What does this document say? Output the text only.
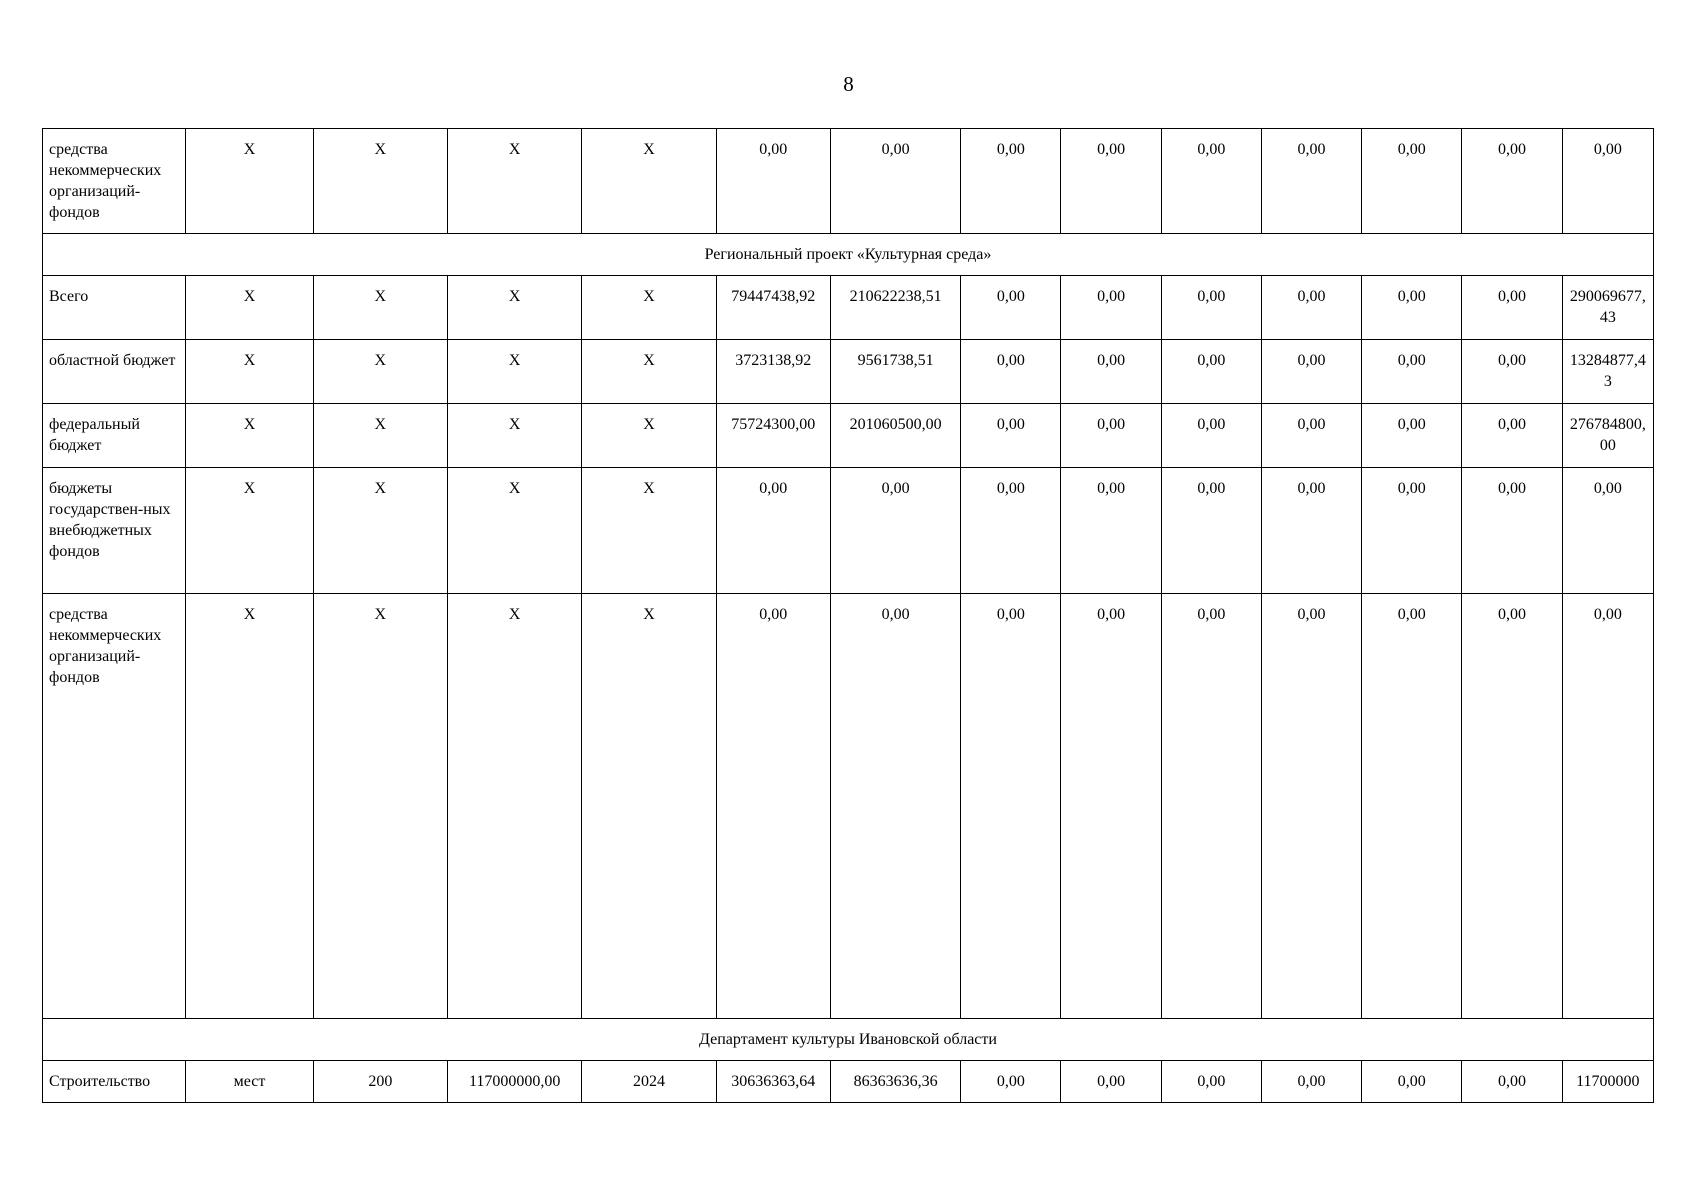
8
средства некоммерческих организаций-фондов	Х	Х	Х	Х	0,00	0,00	0,00	0,00	0,00	0,00	0,00	0,00	0,00
Региональный проект «Культурная среда»													
Всего	Х	Х	Х	Х	79447438,92	210622238,51	0,00	0,00	0,00	0,00	0,00	0,00	290069677,43
областной бюджет	Х	Х	Х	Х	3723138,92	9561738,51	0,00	0,00	0,00	0,00	0,00	0,00	13284877,43
федеральный бюджет	Х	Х	Х	Х	75724300,00	201060500,00	0,00	0,00	0,00	0,00	0,00	0,00	276784800,00
бюджеты государствен-ных внебюджетных фондов	Х	Х	Х	Х	0,00	0,00	0,00	0,00	0,00	0,00	0,00	0,00	0,00
средства некоммерческих организаций-фондов	Х	Х	Х	Х	0,00	0,00	0,00	0,00	0,00	0,00	0,00	0,00	0,00
Департамент культуры Ивановской области													
Строительство	мест	200	117000000,00	2024	30636363,64	86363636,36	0,00	0,00	0,00	0,00	0,00	0,00	11700000
